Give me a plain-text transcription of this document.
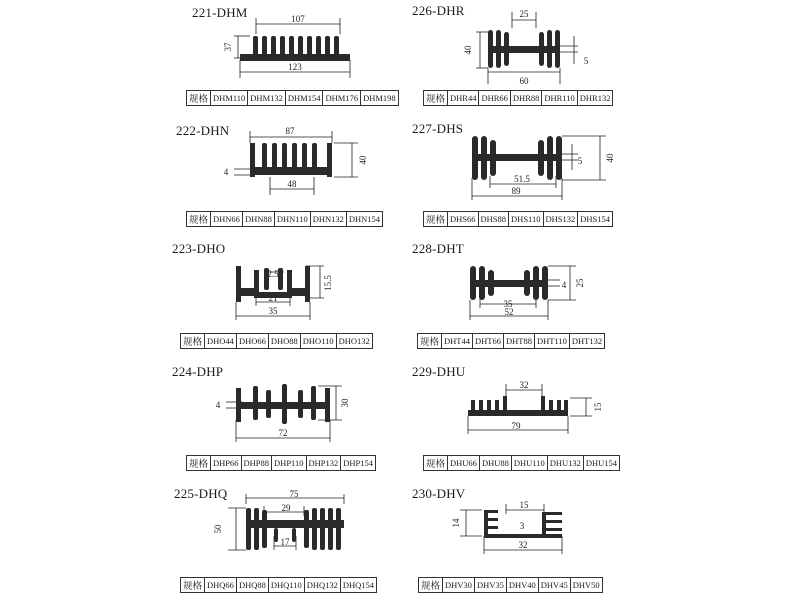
221-DHM	107
37
123
规格	DHM110	DHM132	DHM154	DHM176	DHM198
222-DHN	87
4
40
48
规格	DHN66	DHN88	DHN110	DHN132	DHN154
223-DHO
2.5
15.5
21
35
规格	DHO44	DHO66	DHO88	DHO110	DHO132
224-DHP
4	30
72
规格	DHP66	DHP88	DHP110	DHP132	DHP154
225-DHQ	75
50
29
17
规格	DHQ66	DHQ88	DHQ110	DHQ132	DHQ154
226-DHR	25
40
5
60
规格	DHR44	DHR66	DHR88	DHR110	DHR132
227-DHS
5	40
51.5
89
规格	DHS66	DHS88	DHS110	DHS132	DHS154
228-DHT
25
4
35
52
规格	DHT44	DHT66	DHT88	DHT110	DHT132
229-DHU
32
15
79
规格	DHU66	DHU88	DHU110	DHU132	DHU154
230-DHV
15
14	3
32
规格	DHV30	DHV35	DHV40	DHV45	DHV50
